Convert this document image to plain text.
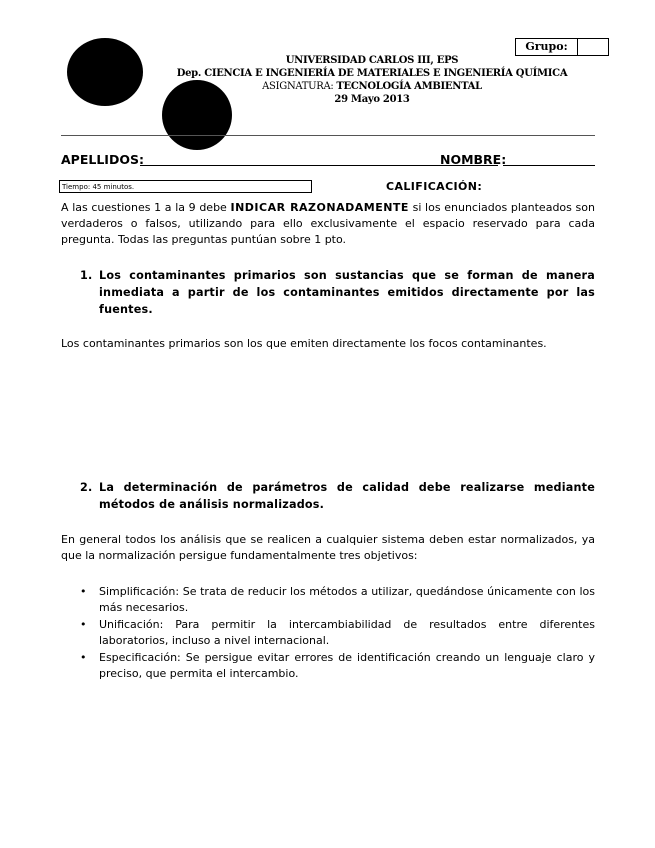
Grupo:
UNIVERSIDAD CARLOS III, EPS
Dep. CIENCIA E INGENIERÍA DE MATERIALES E INGENIERÍA QUÍMICA
ASIGNATURA: TECNOLOGÍA AMBIENTAL
29 Mayo 2013
APELLIDOS:	NOMBRE:
Tiempo: 45 minutos.	CALIFICACIÓN:
A las cuestiones 1 a la 9 debe INDICAR RAZONADAMENTE si los enunciados planteados son verdaderos o falsos, utilizando para ello exclusivamente el espacio reservado para cada pregunta. Todas las preguntas puntúan sobre 1 pto.
1. Los contaminantes primarios son sustancias que se forman de manera inmediata a partir de los contaminantes emitidos directamente por las fuentes.
Los contaminantes primarios son los que emiten directamente los focos contaminantes.
2. La determinación de parámetros de calidad debe realizarse mediante métodos de análisis normalizados.
En general todos los análisis que se realicen a cualquier sistema deben estar normalizados, ya que la normalización persigue fundamentalmente tres objetivos:
• Simplificación: Se trata de reducir los métodos a utilizar, quedándose únicamente con los más necesarios.
• Unificación: Para permitir la intercambiabilidad de resultados entre diferentes laboratorios, incluso a nivel internacional.
• Especificación: Se persigue evitar errores de identificación creando un lenguaje claro y preciso, que permita el intercambio.
